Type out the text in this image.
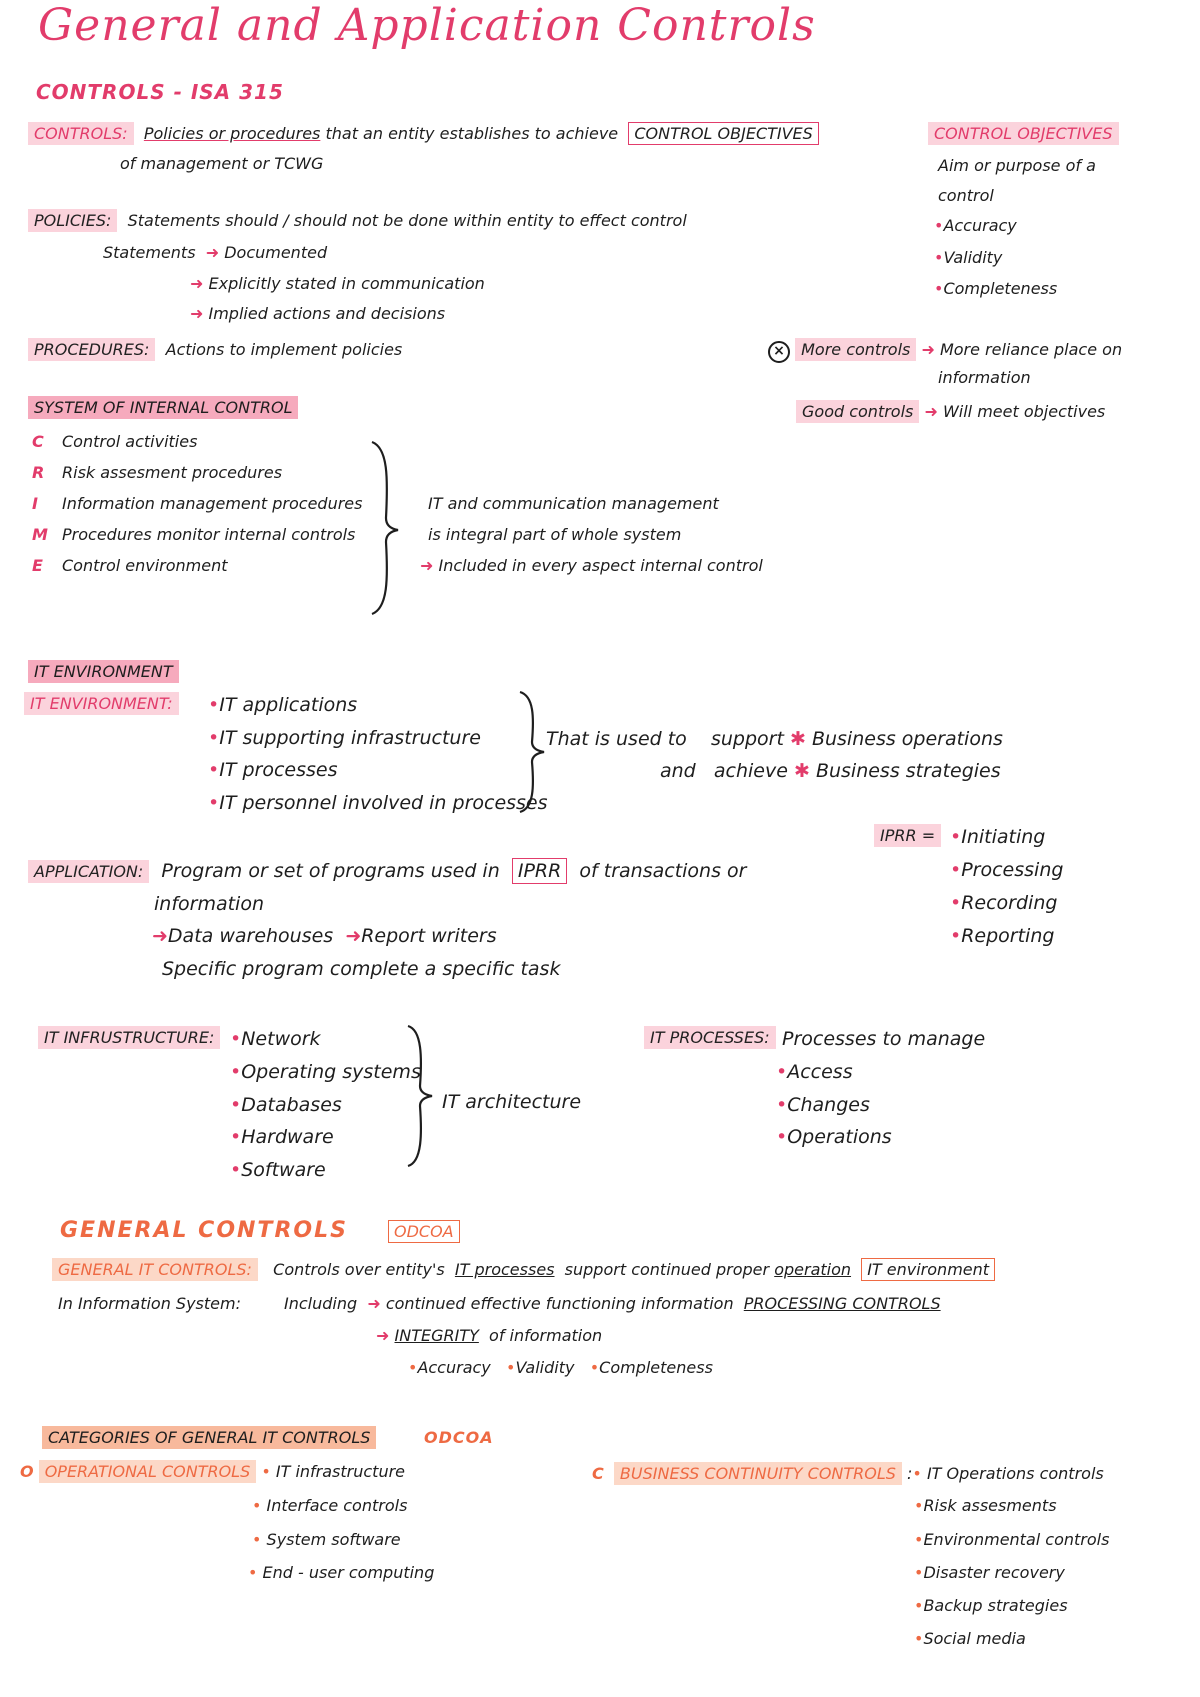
General and Application Controls
CONTROLS - ISA 315
CONTROLS: Policies or procedures that an entity establishes to achieve CONTROL OBJECTIVES
of management or TCWG
POLICIES: Statements should / should not be done within entity to effect control
Statements ➜ Documented
➜ Explicitly stated in communication
➜ Implied actions and decisions
PROCEDURES: Actions to implement policies
CONTROL OBJECTIVES
Aim or purpose of a
control
•Accuracy
•Validity
•Completeness
× More controls ➜ More reliance place on
information
Good controls ➜ Will meet objectives
SYSTEM OF INTERNAL CONTROL
C Control activities
R Risk assesment procedures
I Information management procedures
M Procedures monitor internal controls
E Control environment
IT and communication management
is integral part of whole system
➜ Included in every aspect internal control
IT ENVIRONMENT
IT ENVIRONMENT:	•IT applications
•IT supporting infrastructure
•IT processes
•IT personnel involved in processes
That is used to support ✱ Business operations
and achieve ✱ Business strategies
IPRR = •Initiating
•Processing
•Recording
•Reporting
APPLICATION: Program or set of programs used in IPRR of transactions or
information
➜Data warehouses ➜Report writers
Specific program complete a specific task
IT INFRUSTRUCTURE: •Network
•Operating systems
•Databases
•Hardware
•Software
IT architecture
IT PROCESSES: Processes to manage
•Access
•Changes
•Operations
GENERAL CONTROLS	ODCOA
GENERAL IT CONTROLS: Controls over entity's IT processes support continued proper operation IT environment
In Information System:	Including ➜ continued effective functioning information PROCESSING CONTROLS
➜ INTEGRITY of information
•Accuracy •Validity •Completeness
CATEGORIES OF GENERAL IT CONTROLS	ODCOA
O OPERATIONAL CONTROLS • IT infrastructure
• Interface controls
• System software
• End - user computing
C BUSINESS CONTINUITY CONTROLS :• IT Operations controls
•Risk assesments
•Environmental controls
•Disaster recovery
•Backup strategies
•Social media
